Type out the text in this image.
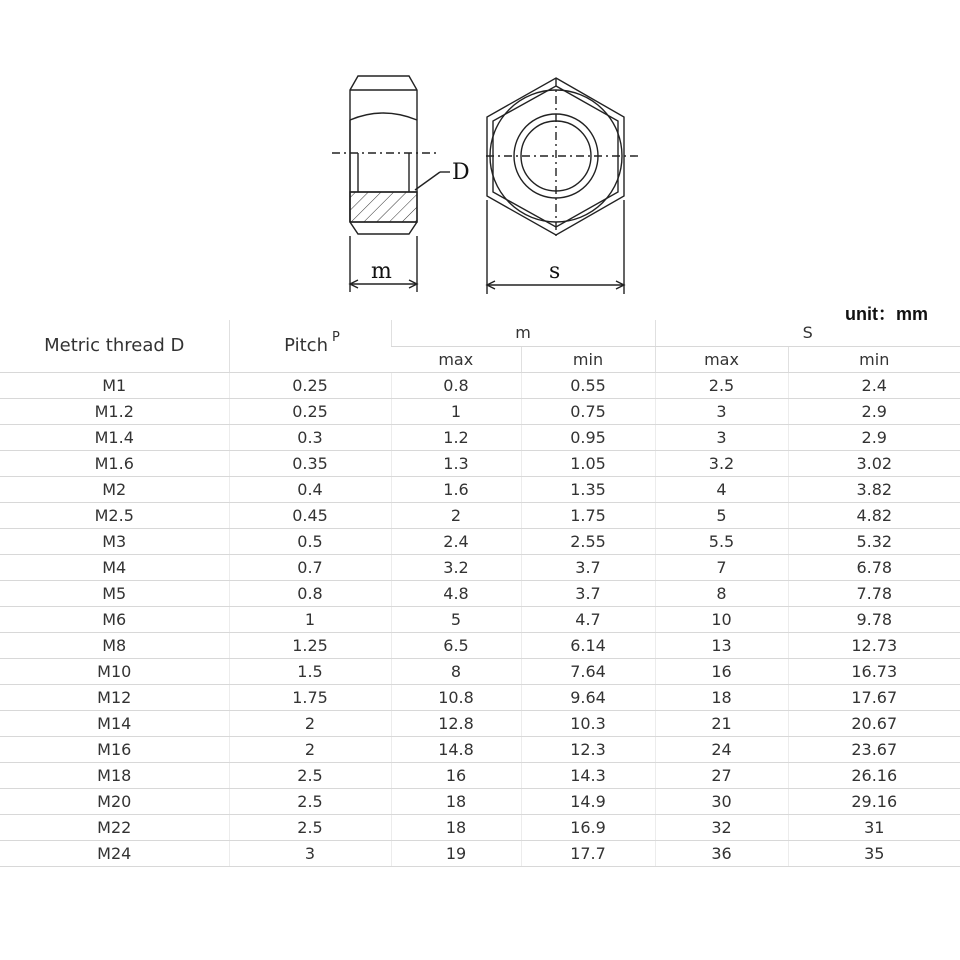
D
m	s
unit：mm
Metric thread D	Pitch $^P$	m		S	
		max	min	max	min
M1	0.25	0.8	0.55	2.5	2.4
M1.2	0.25	1	0.75	3	2.9
M1.4	0.3	1.2	0.95	3	2.9
M1.6	0.35	1.3	1.05	3.2	3.02
M2	0.4	1.6	1.35	4	3.82
M2.5	0.45	2	1.75	5	4.82
M3	0.5	2.4	2.55	5.5	5.32
M4	0.7	3.2	3.7	7	6.78
M5	0.8	4.8	3.7	8	7.78
M6	1	5	4.7	10	9.78
M8	1.25	6.5	6.14	13	12.73
M10	1.5	8	7.64	16	16.73
M12	1.75	10.8	9.64	18	17.67
M14	2	12.8	10.3	21	20.67
M16	2	14.8	12.3	24	23.67
M18	2.5	16	14.3	27	26.16
M20	2.5	18	14.9	30	29.16
M22	2.5	18	16.9	32	31
M24	3	19	17.7	36	35
